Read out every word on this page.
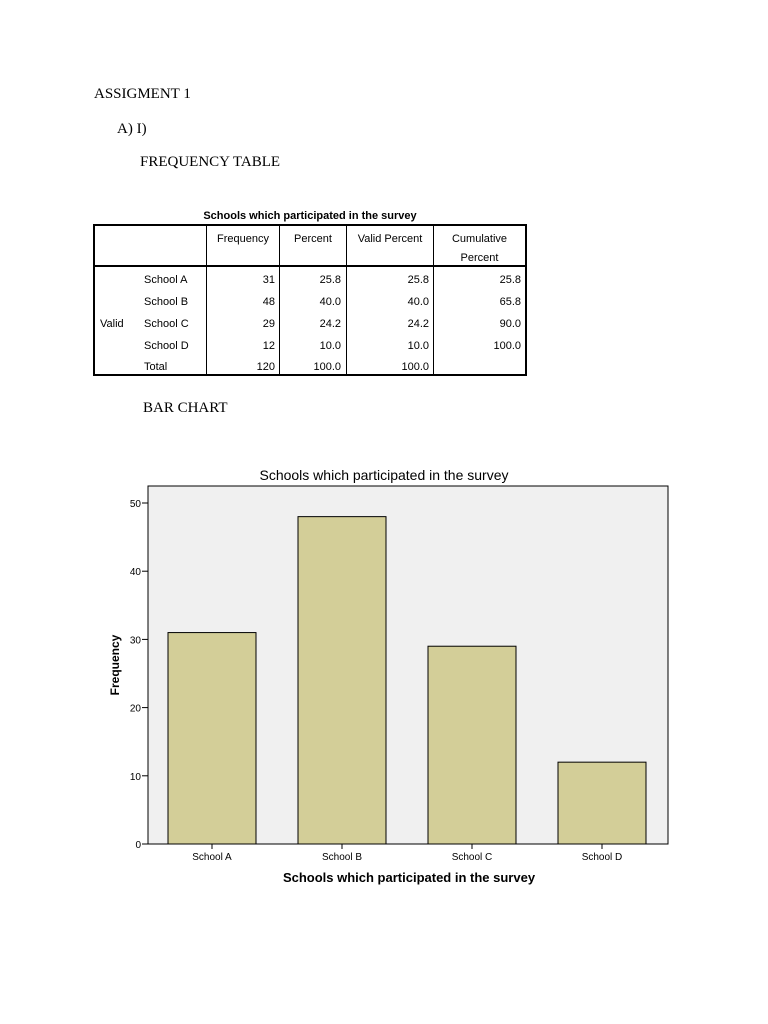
ASSIGMENT 1
A) I)
FREQUENCY TABLE
Schools which participated in the survey
Frequency	Percent	Valid Percent	Cumulative
Percent
Valid
School A	31	25.8	25.8	25.8
School B	48	40.0	40.0	65.8
School C	29	24.2	24.2	90.0
School D	12	10.0	10.0	100.0
Total	120	100.0	100.0
BAR CHART
Schools which participated in the survey
0
10
20
30
40
50
School A	School B	School C	School D
Schools which participated in the survey
Frequency
